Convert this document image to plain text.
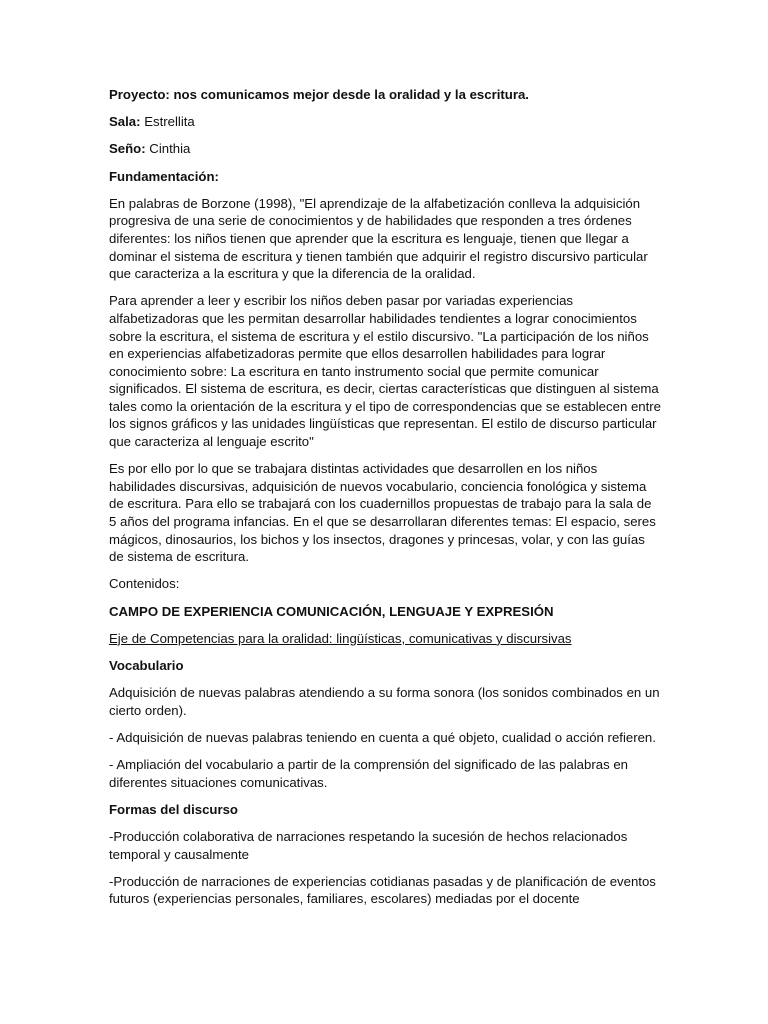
Proyecto: nos comunicamos mejor desde la oralidad y la escritura.

Sala: Estrellita

Seño: Cinthia

Fundamentación:

En palabras de Borzone (1998), "El aprendizaje de la alfabetización conlleva la adquisición progresiva de una serie de conocimientos y de habilidades que responden a tres órdenes diferentes: los niños tienen que aprender que la escritura es lenguaje, tienen que llegar a dominar el sistema de escritura y tienen también que adquirir el registro discursivo particular que caracteriza a la escritura y que la diferencia de la oralidad.

Para aprender a leer y escribir los niños deben pasar por variadas experiencias alfabetizadoras que les permitan desarrollar habilidades tendientes a lograr conocimientos sobre la escritura, el sistema de escritura y el estilo discursivo. "La participación de los niños en experiencias alfabetizadoras permite que ellos desarrollen habilidades para lograr conocimiento sobre: La escritura en tanto instrumento social que permite comunicar significados. El sistema de escritura, es decir, ciertas características que distinguen al sistema tales como la orientación de la escritura y el tipo de correspondencias que se establecen entre los signos gráficos y las unidades lingüísticas que representan. El estilo de discurso particular que caracteriza al lenguaje escrito"

Es por ello por lo que se trabajara distintas actividades que desarrollen en los niños habilidades discursivas, adquisición de nuevos vocabulario, conciencia fonológica y sistema de escritura. Para ello se trabajará con los cuadernillos propuestas de trabajo para la sala de 5 años del programa infancias. En el que se desarrollaran diferentes temas: El espacio, seres mágicos, dinosaurios, los bichos y los insectos, dragones y princesas, volar, y con las guías de sistema de escritura.

Contenidos:

CAMPO DE EXPERIENCIA COMUNICACIÓN, LENGUAJE Y EXPRESIÓN

Eje de Competencias para la oralidad: lingüísticas, comunicativas y discursivas

Vocabulario

Adquisición de nuevas palabras atendiendo a su forma sonora (los sonidos combinados en un cierto orden).

- Adquisición de nuevas palabras teniendo en cuenta a qué objeto, cualidad o acción refieren.

- Ampliación del vocabulario a partir de la comprensión del significado de las palabras en diferentes situaciones comunicativas.

Formas del discurso

-Producción colaborativa de narraciones respetando la sucesión de hechos relacionados temporal y causalmente

-Producción de narraciones de experiencias cotidianas pasadas y de planificación de eventos futuros (experiencias personales, familiares, escolares) mediadas por el docente
